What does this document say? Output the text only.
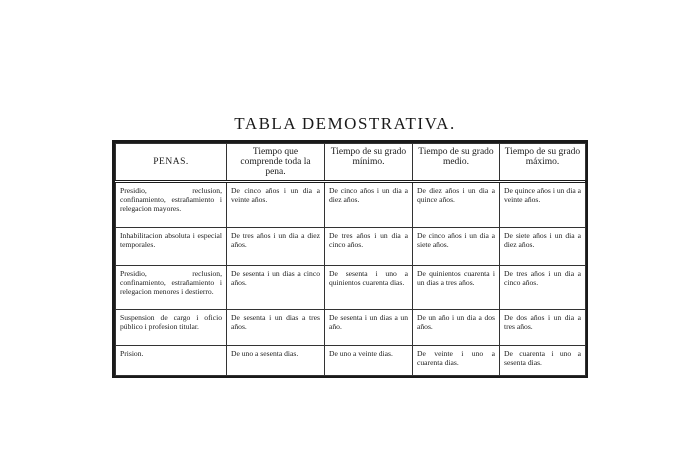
TABLA DEMOSTRATIVA.
PENAS.	Tiempo que comprende toda la pena.	Tiempo de su grado mínimo.	Tiempo de su grado medio.	Tiempo de su grado máximo.
Presidio, reclusion, confinamiento, estrañamiento i relegacion mayores.	De cinco años i un dia a veinte años.	De cinco años i un dia a diez años.	De diez años i un dia a quince años.	De quince años i un dia a veinte años.
Inhabilitacion absoluta i especial temporales.	De tres años i un dia a diez años.	De tres años i un dia a cinco años.	De cinco años i un dia a siete años.	De siete años i un dia a diez años.
Presidio, reclusion, confinamiento, estrañamiento i relegacion menores i destierro.	De sesenta i un dias a cinco años.	De sesenta i uno a quinientos cuarenta dias.	De quinientos cuarenta i un dias a tres años.	De tres años i un dia a cinco años.
Suspension de cargo i oficio público i profesion titular.	De sesenta i un dias a tres años.	De sesenta i un dias a un año.	De un año i un dia a dos años.	De dos años i un dia a tres años.
Prision.	De uno a sesenta dias.	De uno a veinte dias.	De veinte i uno a cuarenta dias.	De cuarenta i uno a sesenta dias.
